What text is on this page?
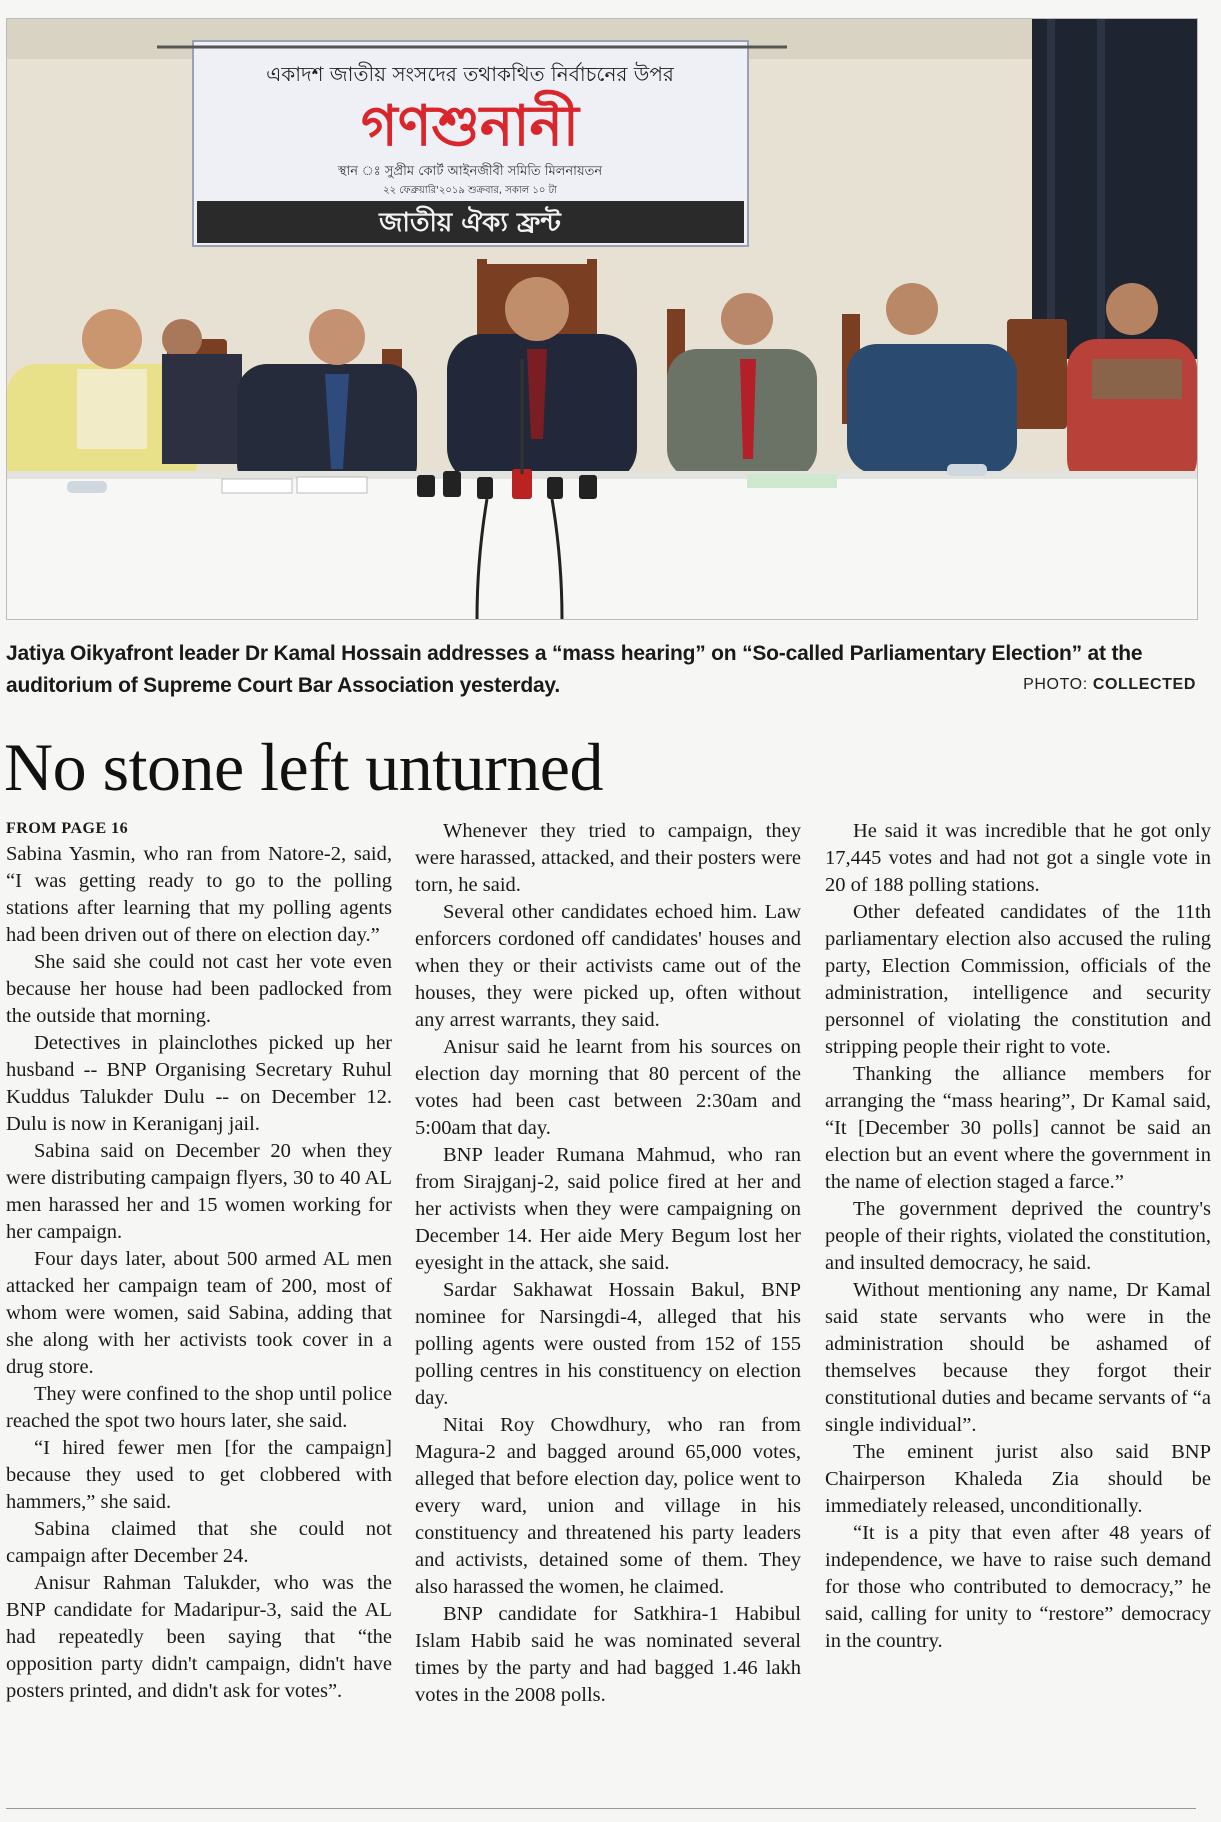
একাদশ জাতীয় সংসদের তথাকথিত নির্বাচনের উপর
গণশুনানী
স্থান ঃ সুপ্রীম কোর্ট আইনজীবী সমিতি মিলনায়তন
২২ ফেব্রুয়ারি'২০১৯ শুক্রবার, সকাল ১০ টা
জাতীয় ঐক্য ফ্রন্ট
Jatiya Oikyafront leader Dr Kamal Hossain addresses a “mass hearing” on “So-called Parliamentary Election” at the auditorium of Supreme Court Bar Association yesterday.	PHOTO: COLLECTED
No stone left unturned
FROM PAGE 16

Sabina Yasmin, who ran from Natore-2, said, “I was getting ready to go to the polling stations after learning that my polling agents had been driven out of there on election day.”

She said she could not cast her vote even because her house had been padlocked from the outside that morning.

Detectives in plainclothes picked up her husband -- BNP Organising Secretary Ruhul Kuddus Talukder Dulu -- on December 12. Dulu is now in Keraniganj jail.

Sabina said on December 20 when they were distributing campaign flyers, 30 to 40 AL men harassed her and 15 women working for her campaign.

Four days later, about 500 armed AL men attacked her campaign team of 200, most of whom were women, said Sabina, adding that she along with her activists took cover in a drug store.

They were confined to the shop until police reached the spot two hours later, she said.

“I hired fewer men [for the campaign] because they used to get clobbered with hammers,” she said.

Sabina claimed that she could not campaign after December 24.

Anisur Rahman Talukder, who was the BNP candidate for Madaripur-3, said the AL had repeatedly been saying that “the opposition party didn't campaign, didn't have posters printed, and didn't ask for votes”.

Whenever they tried to campaign, they were harassed, attacked, and their posters were torn, he said.

Several other candidates echoed him. Law enforcers cordoned off candidates' houses and when they or their activists came out of the houses, they were picked up, often without any arrest warrants, they said.

Anisur said he learnt from his sources on election day morning that 80 percent of the votes had been cast between 2:30am and 5:00am that day.

BNP leader Rumana Mahmud, who ran from Sirajganj-2, said police fired at her and her activists when they were campaigning on December 14. Her aide Mery Begum lost her eyesight in the attack, she said.

Sardar Sakhawat Hossain Bakul, BNP nominee for Narsingdi-4, alleged that his polling agents were ousted from 152 of 155 polling centres in his constituency on election day.

Nitai Roy Chowdhury, who ran from Magura-2 and bagged around 65,000 votes, alleged that before election day, police went to every ward, union and village in his constituency and threatened his party leaders and activists, detained some of them. They also harassed the women, he claimed.

BNP candidate for Satkhira-1 Habibul Islam Habib said he was nominated several times by the party and had bagged 1.46 lakh votes in the 2008 polls.

He said it was incredible that he got only 17,445 votes and had not got a single vote in 20 of 188 polling stations.

Other defeated candidates of the 11th parliamentary election also accused the ruling party, Election Commission, officials of the administration, intelligence and security personnel of violating the constitution and stripping people their right to vote.

Thanking the alliance members for arranging the “mass hearing”, Dr Kamal said, “It [December 30 polls] cannot be said an election but an event where the government in the name of election staged a farce.”

The government deprived the country's people of their rights, violated the constitution, and insulted democracy, he said.

Without mentioning any name, Dr Kamal said state servants who were in the administration should be ashamed of themselves because they forgot their constitutional duties and became servants of “a single individual”.

The eminent jurist also said BNP Chairperson Khaleda Zia should be immediately released, unconditionally.

“It is a pity that even after 48 years of independence, we have to raise such demand for those who contributed to democracy,” he said, calling for unity to “restore” democracy in the country.
